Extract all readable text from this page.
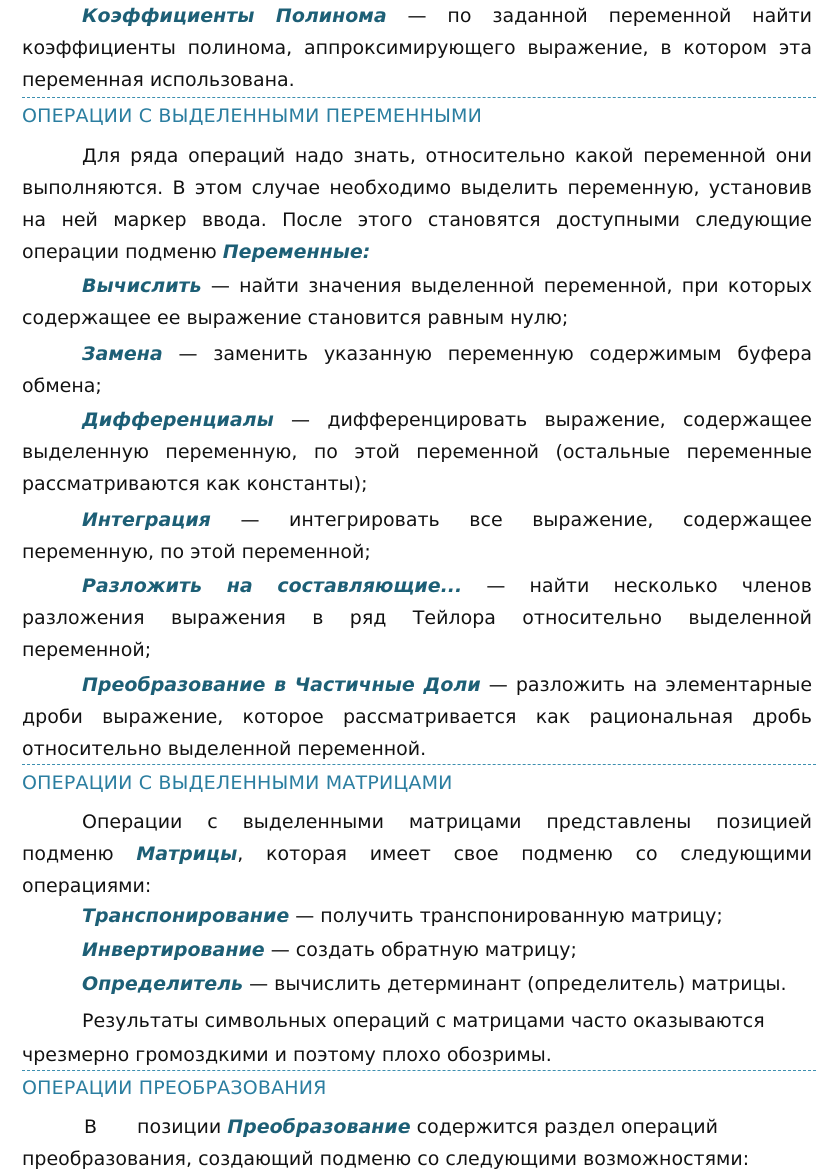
Коэффициенты Полинома — по заданной переменной найти коэффициенты полинома, аппроксимирующего выражение, в котором эта переменная использована.

ОПЕРАЦИИ С ВЫДЕЛЕННЫМИ ПЕРЕМЕННЫМИ

Для ряда операций надо знать, относительно какой переменной они выполняются. В этом случае необходимо выделить переменную, установив на ней маркер ввода. После этого становятся доступными следующие операции подменю Переменные:

Вычислить — найти значения выделенной переменной, при которых содержащее ее выражение становится равным нулю;

Замена — заменить указанную переменную содержимым буфера обмена;

Дифференциалы — дифференцировать выражение, содержащее выделенную переменную, по этой переменной (остальные переменные рассматриваются как константы);

Интеграция — интегрировать все выражение, содержащее переменную, по этой переменной;

Разложить на составляющие... — найти несколько членов разложения выражения в ряд Тейлора относительно выделенной переменной;

Преобразование в Частичные Доли — разложить на элементарные дроби выражение, которое рассматривается как рациональная дробь относительно выделенной переменной.

ОПЕРАЦИИ С ВЫДЕЛЕННЫМИ МАТРИЦАМИ

Операции с выделенными матрицами представлены позицией подменю Матрицы, которая имеет свое подменю со следующими операциями:

Транспонирование — получить транспонированную матрицу;

Инвертирование — создать обратную матрицу;

Определитель — вычислить детерминант (определитель) матрицы.

Результаты символьных операций с матрицами часто оказываются чрезмерно громоздкими и поэтому плохо обозримы.

ОПЕРАЦИИ ПРЕОБРАЗОВАНИЯ

В позиции Преобразование содержится раздел операций преобразования, создающий подменю со следующими возможностями:
